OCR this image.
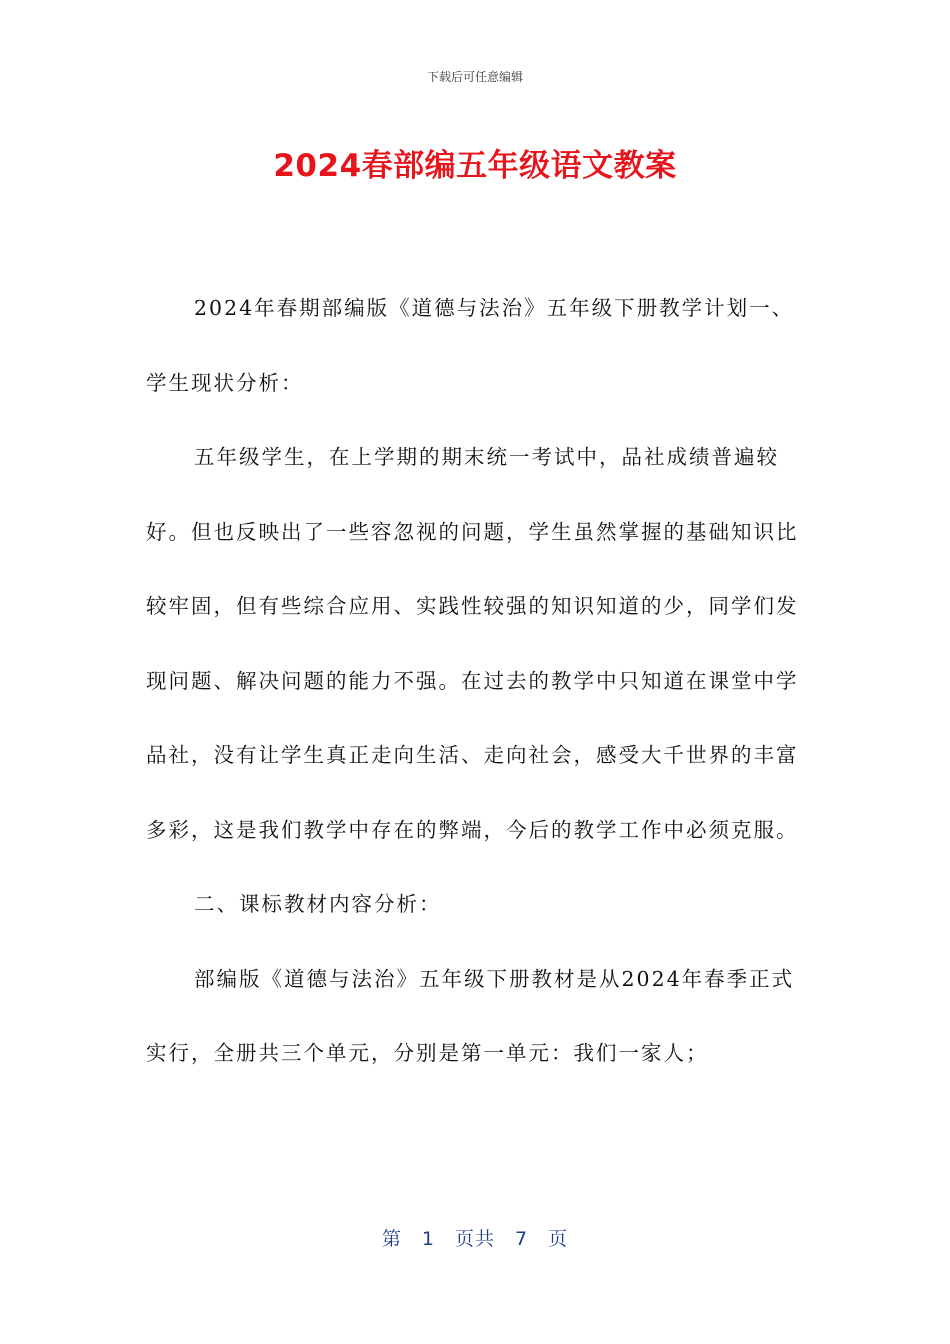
下载后可任意编辑
2024春部编五年级语文教案

2024年春期部编版《道德与法治》五年级下册教学计划一、学生现状分析：

五年级学生，在上学期的期末统一考试中，品社成绩普遍较好。但也反映出了一些容忽视的问题，学生虽然掌握的基础知识比较牢固，但有些综合应用、实践性较强的知识知道的少，同学们发现问题、解决问题的能力不强。在过去的教学中只知道在课堂中学品社，没有让学生真正走向生活、走向社会，感受大千世界的丰富多彩，这是我们教学中存在的弊端，今后的教学工作中必须克服。

二、课标教材内容分析：

部编版《道德与法治》五年级下册教材是从2024年春季正式实行，全册共三个单元，分别是第一单元：我们一家人；

第　1　页共　7　页
